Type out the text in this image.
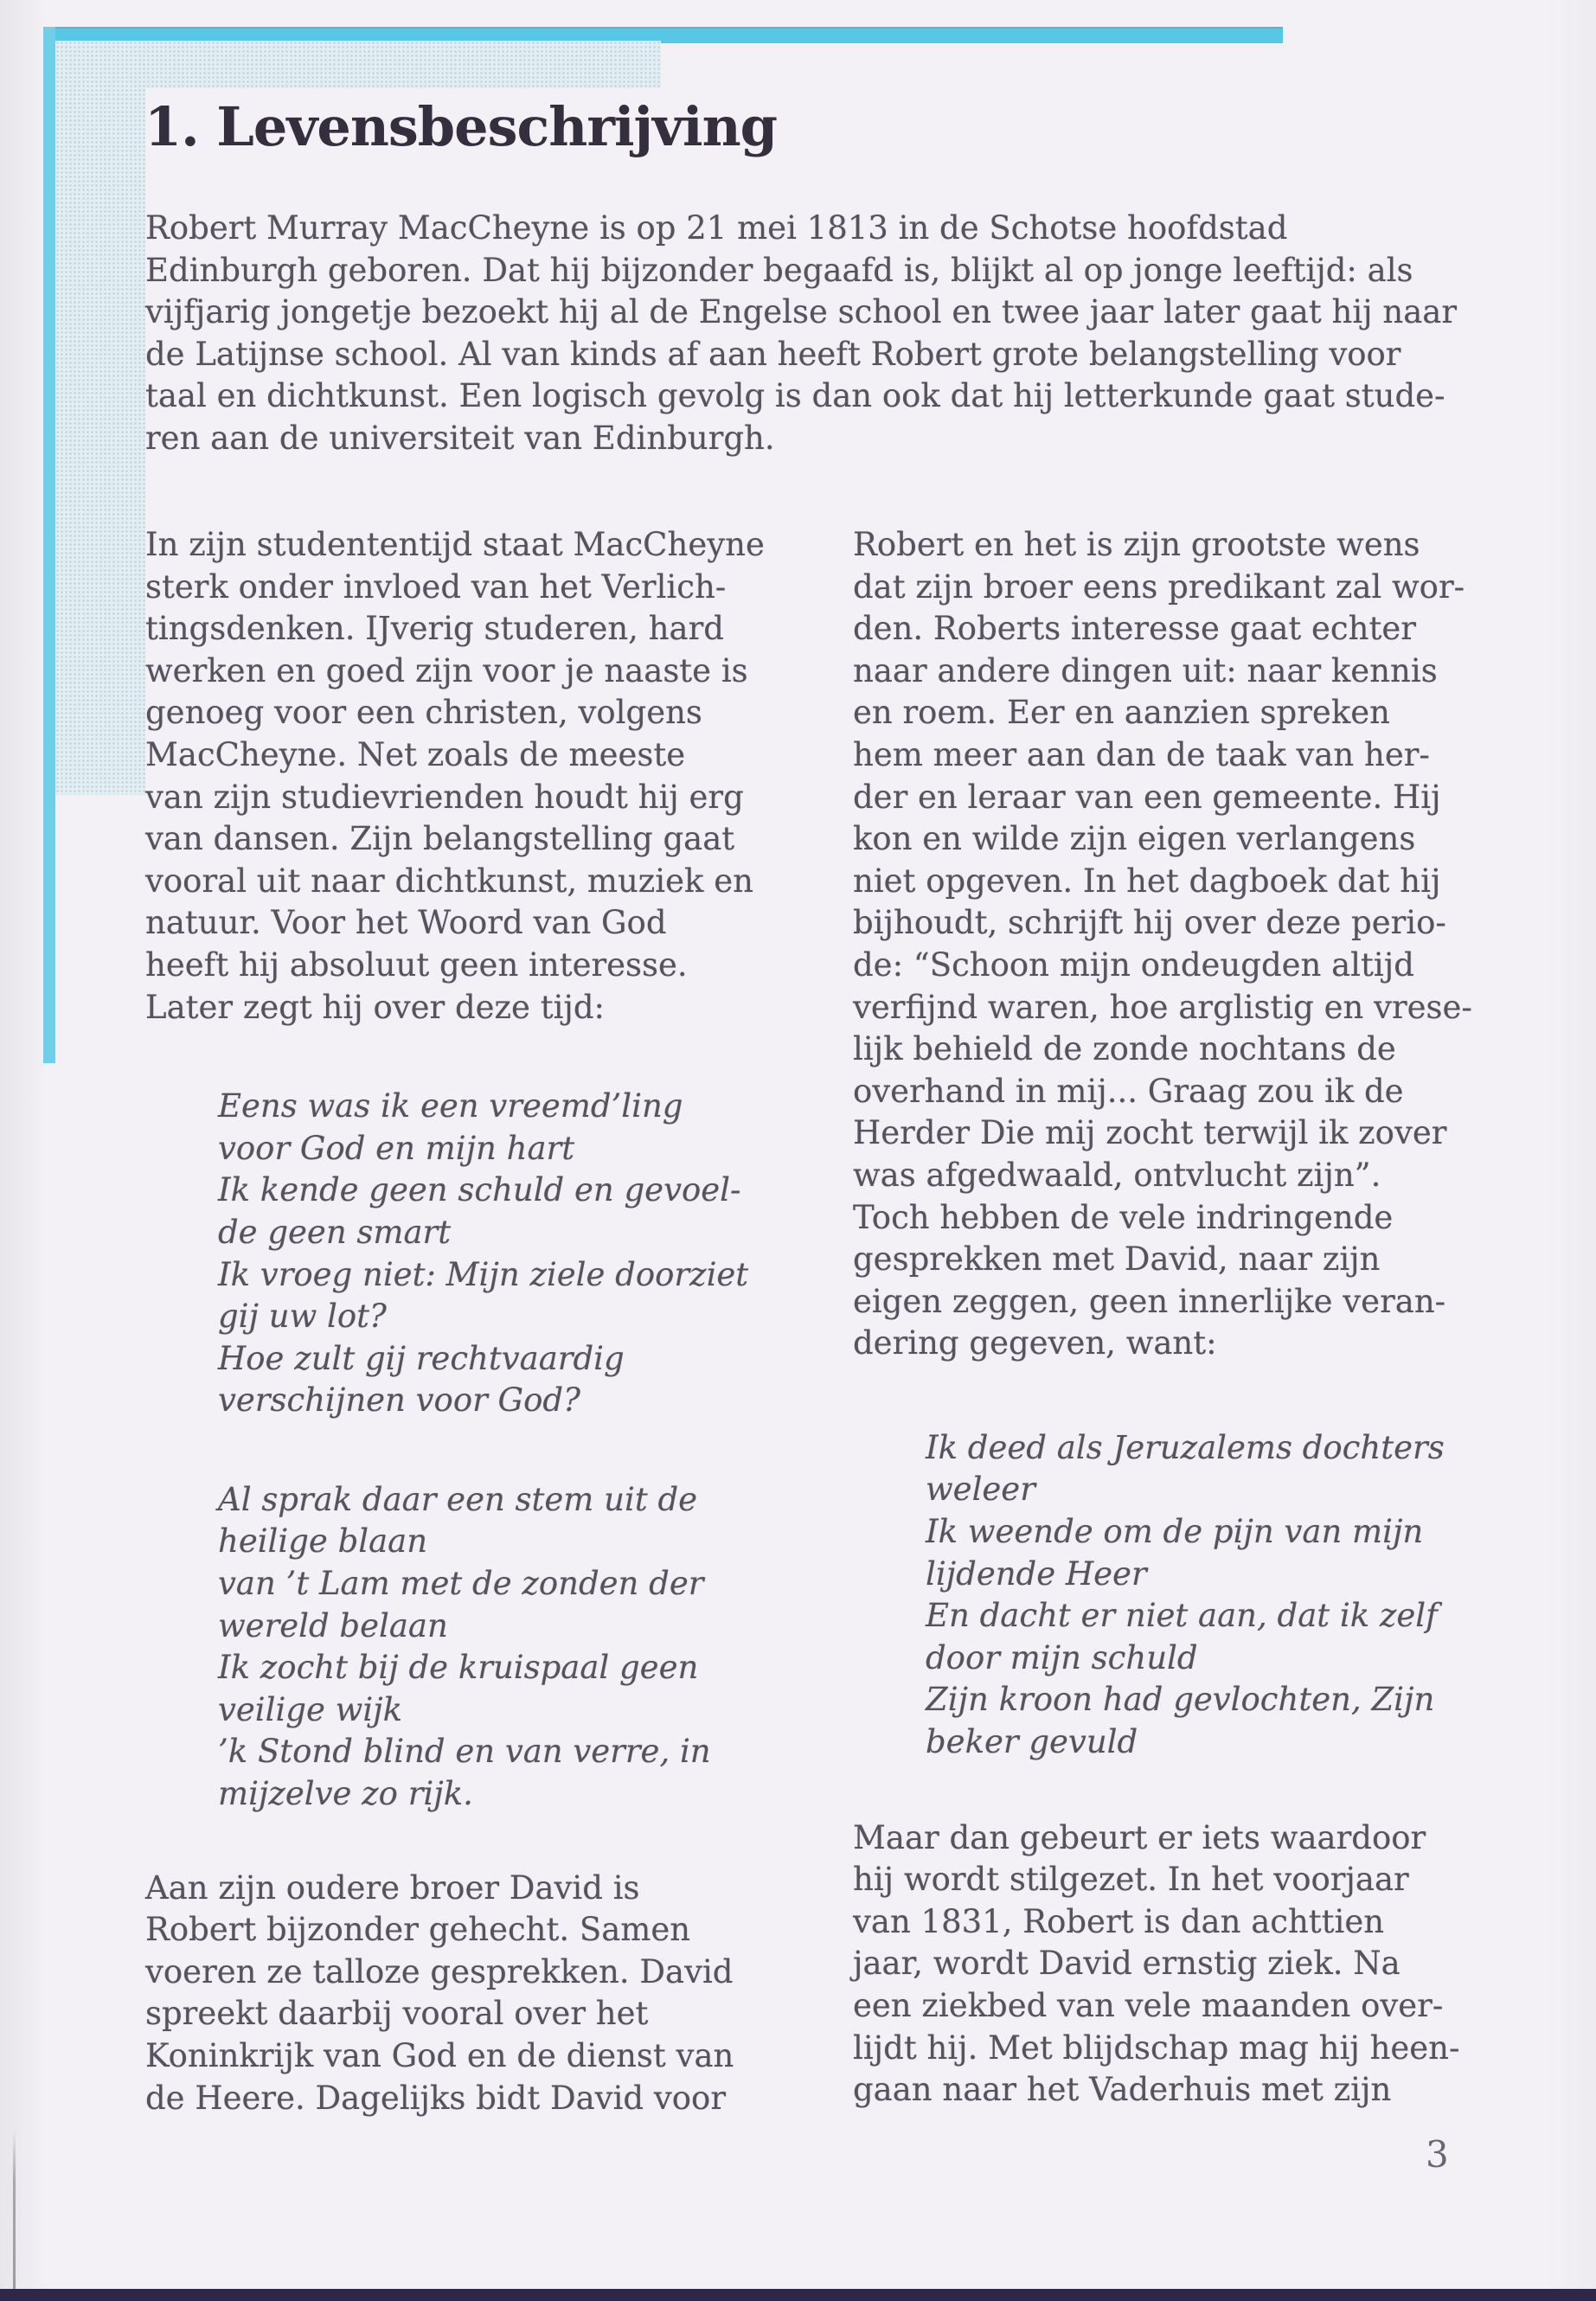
1. Levensbeschrijving
Robert Murray MacCheyne is op 21 mei 1813 in de Schotse hoofdstad
Edinburgh geboren. Dat hij bijzonder begaafd is, blijkt al op jonge leeftijd: als
vijfjarig jongetje bezoekt hij al de Engelse school en twee jaar later gaat hij naar
de Latijnse school. Al van kinds af aan heeft Robert grote belangstelling voor
taal en dichtkunst. Een logisch gevolg is dan ook dat hij letterkunde gaat stude-
ren aan de universiteit van Edinburgh.
In zijn studententijd staat MacCheyne
sterk onder invloed van het Verlich-
tingsdenken. IJverig studeren, hard
werken en goed zijn voor je naaste is
genoeg voor een christen, volgens
MacCheyne. Net zoals de meeste
van zijn studievrienden houdt hij erg
van dansen. Zijn belangstelling gaat
vooral uit naar dichtkunst, muziek en
natuur. Voor het Woord van God
heeft hij absoluut geen interesse.
Later zegt hij over deze tijd:
Eens was ik een vreemd’ling
voor God en mijn hart
Ik kende geen schuld en gevoel-
de geen smart
Ik vroeg niet: Mijn ziele doorziet
gij uw lot?
Hoe zult gij rechtvaardig
verschijnen voor God?
Al sprak daar een stem uit de
heilige blaan
van ’t Lam met de zonden der
wereld belaan
Ik zocht bij de kruispaal geen
veilige wijk
’k Stond blind en van verre, in
mijzelve zo rijk.
Aan zijn oudere broer David is
Robert bijzonder gehecht. Samen
voeren ze talloze gesprekken. David
spreekt daarbij vooral over het
Koninkrijk van God en de dienst van
de Heere. Dagelijks bidt David voor
Robert en het is zijn grootste wens
dat zijn broer eens predikant zal wor-
den. Roberts interesse gaat echter
naar andere dingen uit: naar kennis
en roem. Eer en aanzien spreken
hem meer aan dan de taak van her-
der en leraar van een gemeente. Hij
kon en wilde zijn eigen verlangens
niet opgeven. In het dagboek dat hij
bijhoudt, schrijft hij over deze perio-
de: “Schoon mijn ondeugden altijd
verfijnd waren, hoe arglistig en vrese-
lijk behield de zonde nochtans de
overhand in mij... Graag zou ik de
Herder Die mij zocht terwijl ik zover
was afgedwaald, ontvlucht zijn”.
Toch hebben de vele indringende
gesprekken met David, naar zijn
eigen zeggen, geen innerlijke veran-
dering gegeven, want:
Ik deed als Jeruzalems dochters
weleer
Ik weende om de pijn van mijn
lijdende Heer
En dacht er niet aan, dat ik zelf
door mijn schuld
Zijn kroon had gevlochten, Zijn
beker gevuld
Maar dan gebeurt er iets waardoor
hij wordt stilgezet. In het voorjaar
van 1831, Robert is dan achttien
jaar, wordt David ernstig ziek. Na
een ziekbed van vele maanden over-
lijdt hij. Met blijdschap mag hij heen-
gaan naar het Vaderhuis met zijn
3
